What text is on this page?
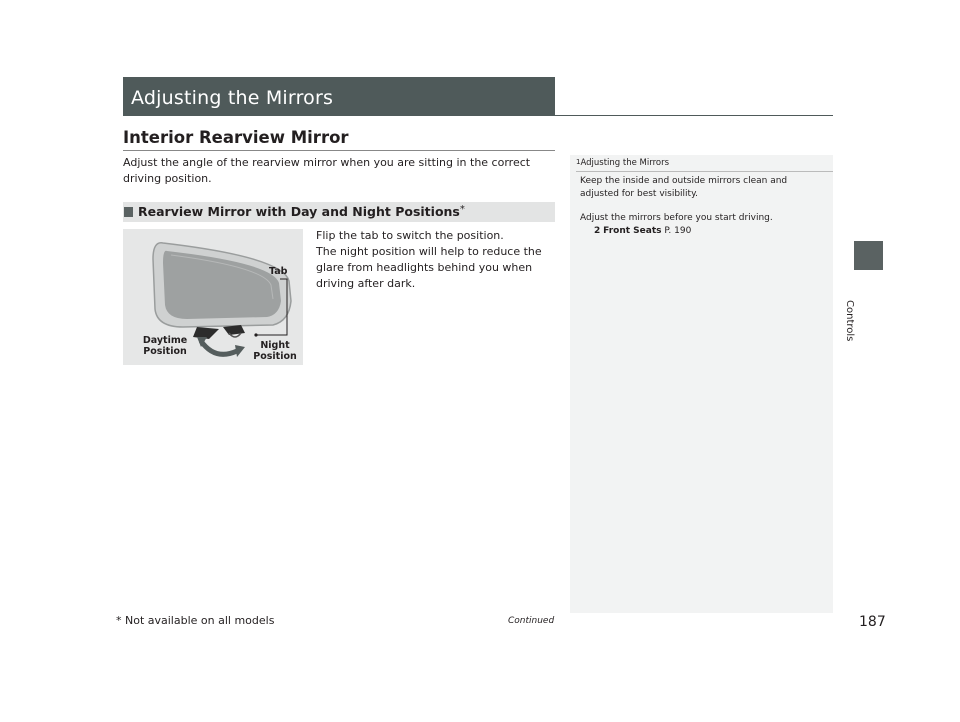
Adjusting the Mirrors
Interior Rearview Mirror
Adjust the angle of the rearview mirror when you are sitting in the correct driving position.
Rearview Mirror with Day and Night Positions*
Tab
Daytime Position
Night Position

Flip the tab to switch the position.

The night position will help to reduce the glare from headlights behind you when driving after dark.

1Adjusting the Mirrors

Keep the inside and outside mirrors clean and adjusted for best visibility.

Adjust the mirrors before you start driving.

2 Front Seats P. 190
Controls
* Not available on all models	Continued	187
